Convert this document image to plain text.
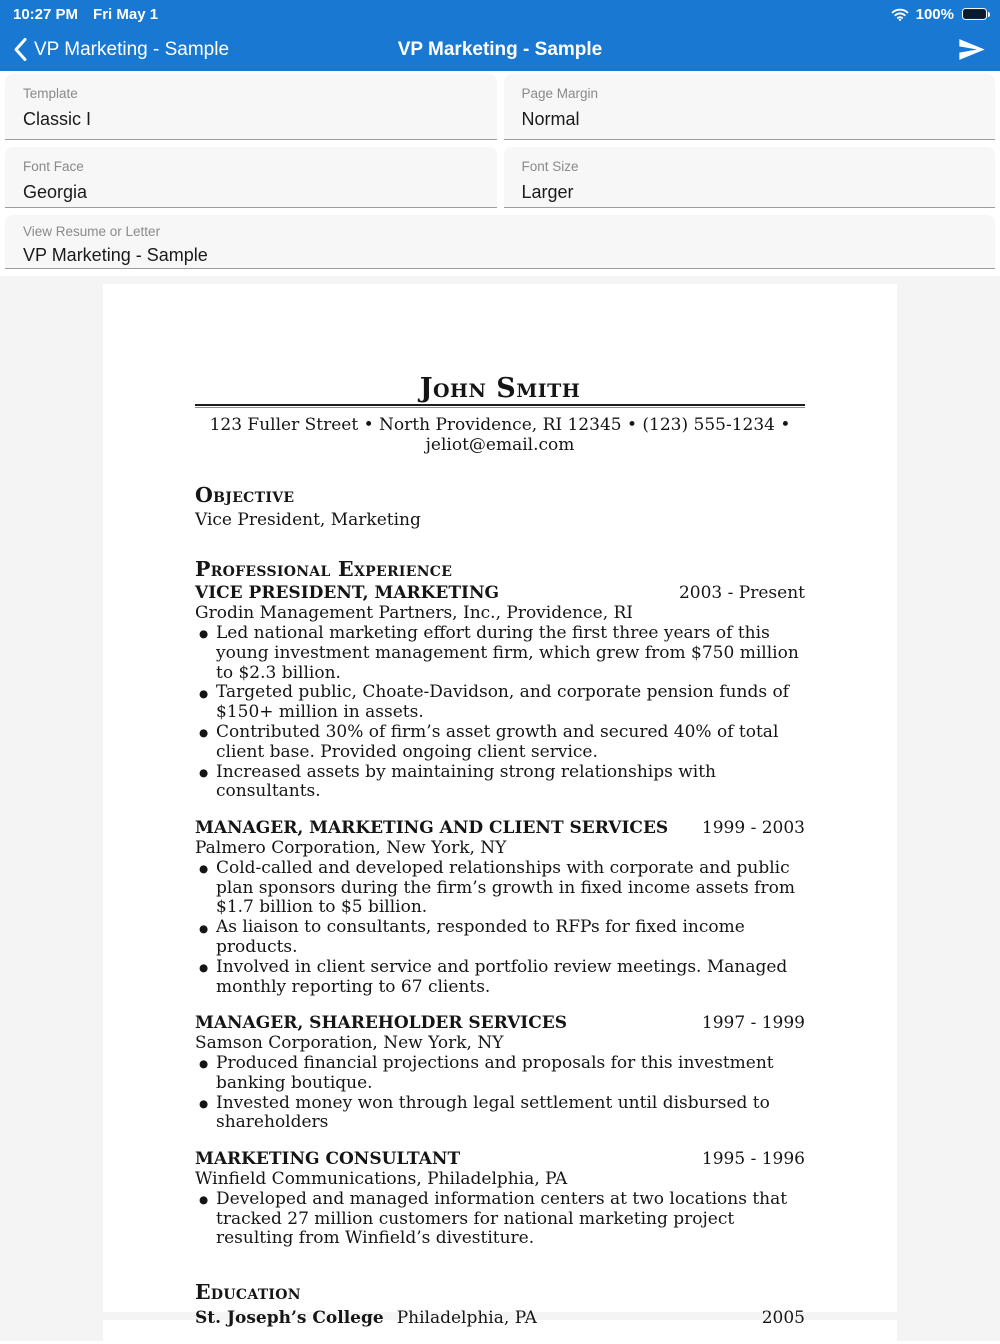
10:27 PM Fri May 1	100%
VP Marketing - Sample	VP Marketing - Sample
Template
Classic I
Page Margin
Normal
Font Face
Georgia
Font Size
Larger
View Resume or Letter
VP Marketing - Sample
John Smith
123 Fuller Street • North Providence, RI 12345 • (123) 555-1234 • jeliot@email.com
Objective
Vice President, Marketing
Professional Experience
VICE PRESIDENT, MARKETING	2003 - Present
Grodin Management Partners, Inc., Providence, RI
● Led national marketing effort during the first three years of this young investment management firm, which grew from $750 million to $2.3 billion.
● Targeted public, Choate-Davidson, and corporate pension funds of $150+ million in assets.
● Contributed 30% of firm’s asset growth and secured 40% of total client base. Provided ongoing client service.
● Increased assets by maintaining strong relationships with consultants.
MANAGER, MARKETING AND CLIENT SERVICES 1999 - 2003
Palmero Corporation, New York, NY
● Cold-called and developed relationships with corporate and public plan sponsors during the firm’s growth in fixed income assets from $1.7 billion to $5 billion.
● As liaison to consultants, responded to RFPs for fixed income products.
● Involved in client service and portfolio review meetings. Managed monthly reporting to 67 clients.
MANAGER, SHAREHOLDER SERVICES	1997 - 1999
Samson Corporation, New York, NY
● Produced financial projections and proposals for this investment banking boutique.
● Invested money won through legal settlement until disbursed to shareholders
MARKETING CONSULTANT	1995 - 1996
Winfield Communications, Philadelphia, PA
● Developed and managed information centers at two locations that tracked 27 million customers for national marketing project resulting from Winfield’s divestiture.
Education
St. Joseph’s College Philadelphia, PA	2005
